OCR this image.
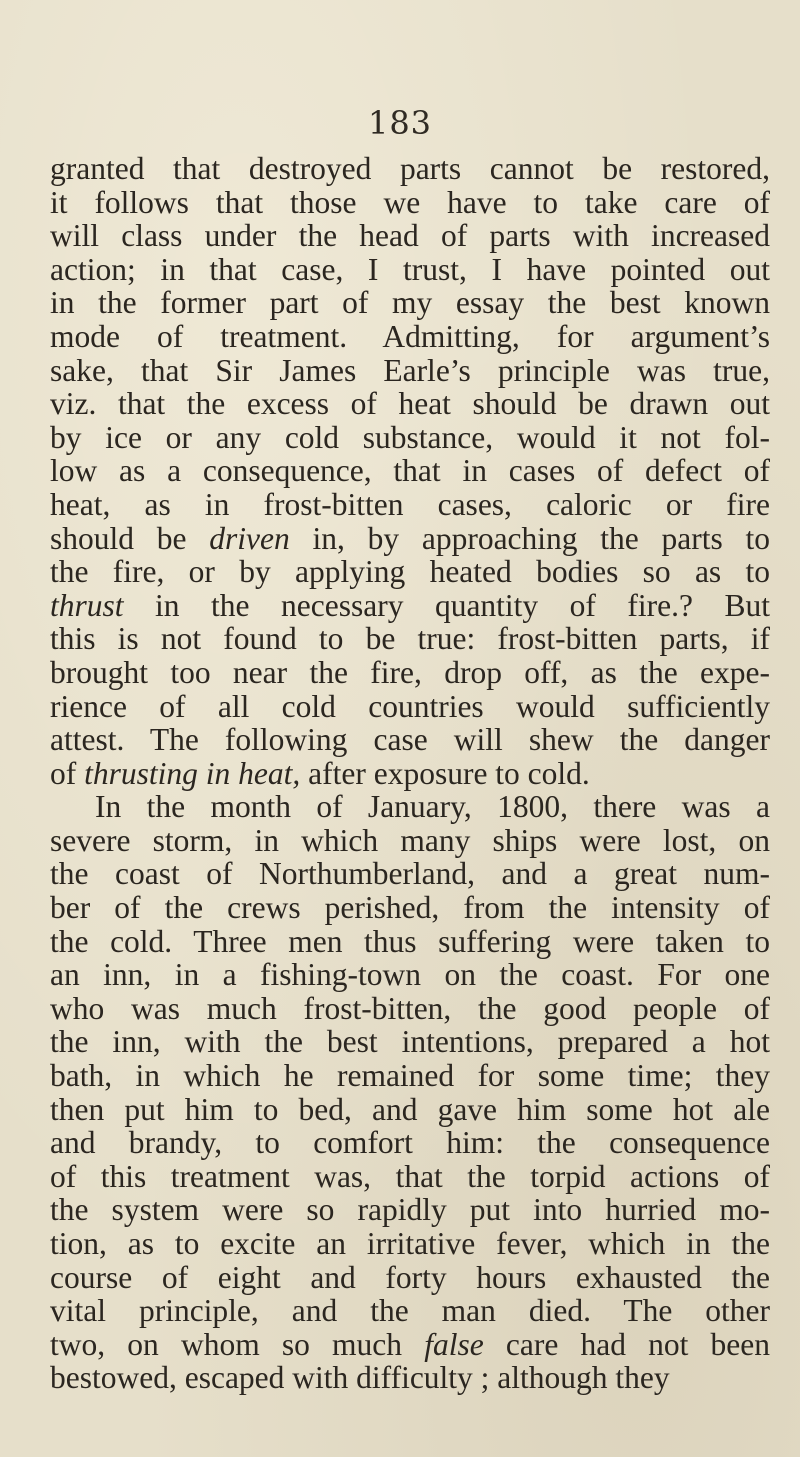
183
granted that destroyed parts cannot be restored,
it follows that those we have to take care of
will class under the head of parts with increased
action; in that case, I trust, I have pointed out
in the former part of my essay the best known
mode of treatment. Admitting, for argument’s
sake, that Sir James Earle’s principle was true,
viz. that the excess of heat should be drawn out
by ice or any cold substance, would it not fol-
low as a consequence, that in cases of defect of
heat, as in frost-bitten cases, caloric or fire
should be driven in, by approaching the parts to
the fire, or by applying heated bodies so as to
thrust in the necessary quantity of fire.? But
this is not found to be true: frost-bitten parts, if
brought too near the fire, drop off, as the expe-
rience of all cold countries would sufficiently
attest. The following case will shew the danger
of thrusting in heat, after exposure to cold.
In the month of January, 1800, there was a
severe storm, in which many ships were lost, on
the coast of Northumberland, and a great num-
ber of the crews perished, from the intensity of
the cold. Three men thus suffering were taken to
an inn, in a fishing-town on the coast. For one
who was much frost-bitten, the good people of
the inn, with the best intentions, prepared a hot
bath, in which he remained for some time; they
then put him to bed, and gave him some hot ale
and brandy, to comfort him: the consequence
of this treatment was, that the torpid actions of
the system were so rapidly put into hurried mo-
tion, as to excite an irritative fever, which in the
course of eight and forty hours exhausted the
vital principle, and the man died. The other
two, on whom so much false care had not been
bestowed, escaped with difficulty ; although they
